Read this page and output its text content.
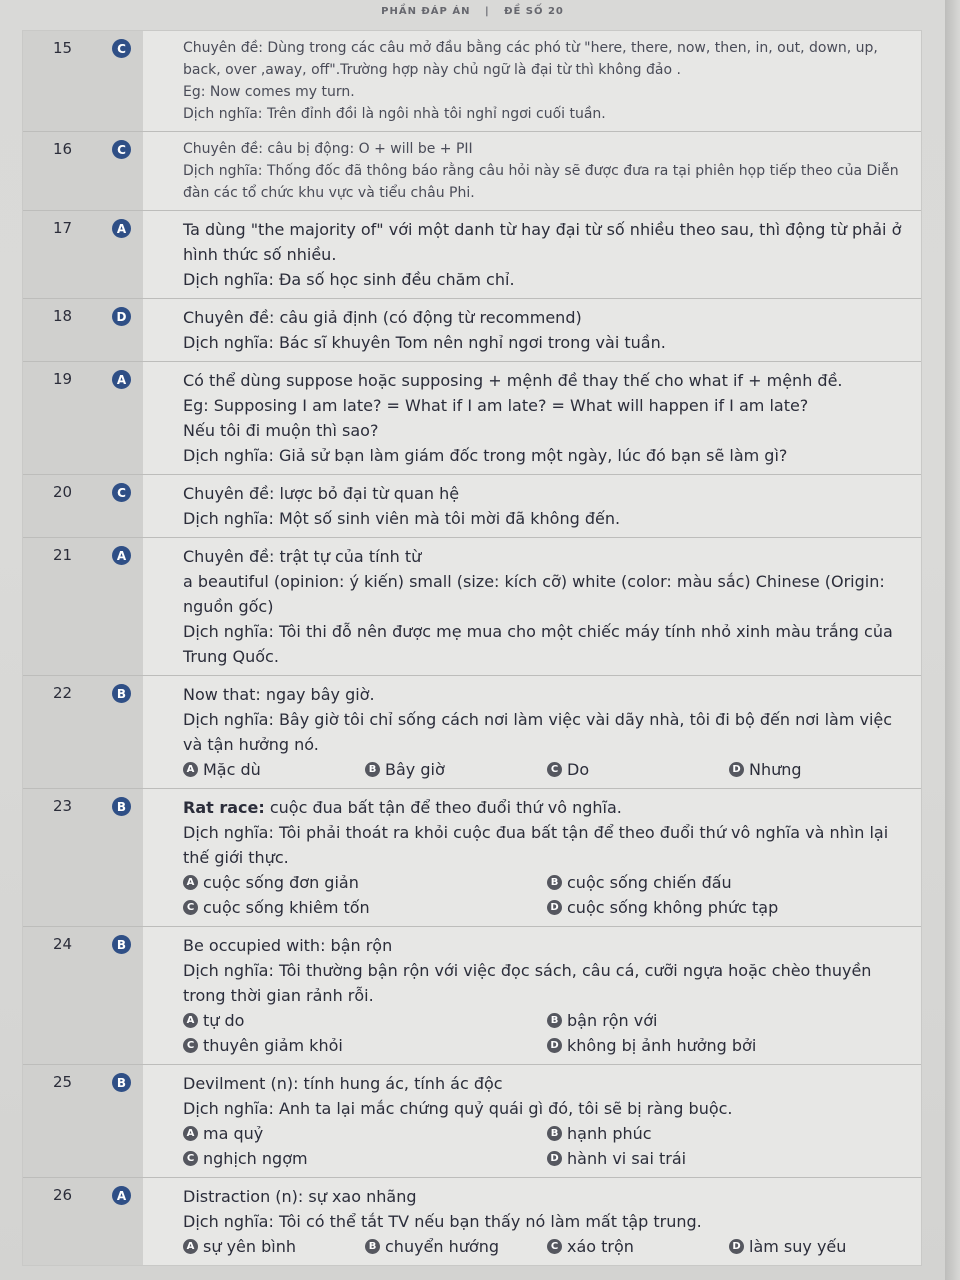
PHẦN ĐÁP ÁN | ĐỀ SỐ 20
15	C	Chuyên đề: Dùng trong các câu mở đầu bằng các phó từ "here, there, now, then, in, out, down, up, back, over ,away, off".Trường hợp này chủ ngữ là đại từ thì không đảo .
Eg: Now comes my turn.
Dịch nghĩa: Trên đỉnh đồi là ngôi nhà tôi nghỉ ngơi cuối tuần.
16	C	Chuyên đề: câu bị động: O + will be + PII
Dịch nghĩa: Thống đốc đã thông báo rằng câu hỏi này sẽ được đưa ra tại phiên họp tiếp theo của Diễn đàn các tổ chức khu vực và tiểu châu Phi.
17	A	Ta dùng "the majority of" với một danh từ hay đại từ số nhiều theo sau, thì động từ phải ở hình thức số nhiều.
Dịch nghĩa: Đa số học sinh đều chăm chỉ.
18	D	Chuyên đề: câu giả định (có động từ recommend)
Dịch nghĩa: Bác sĩ khuyên Tom nên nghỉ ngơi trong vài tuần.
19	A	Có thể dùng suppose hoặc supposing + mệnh đề thay thế cho what if + mệnh đề.
Eg: Supposing I am late? = What if I am late? = What will happen if I am late?
Nếu tôi đi muộn thì sao?
Dịch nghĩa: Giả sử bạn làm giám đốc trong một ngày, lúc đó bạn sẽ làm gì?
20	C	Chuyên đề: lược bỏ đại từ quan hệ
Dịch nghĩa: Một số sinh viên mà tôi mời đã không đến.
21	A	Chuyên đề: trật tự của tính từ
a beautiful (opinion: ý kiến) small (size: kích cỡ) white (color: màu sắc) Chinese (Origin: nguồn gốc)
Dịch nghĩa: Tôi thi đỗ nên được mẹ mua cho một chiếc máy tính nhỏ xinh màu trắng của Trung Quốc.
22	B	Now that: ngay bây giờ.
Dịch nghĩa: Bây giờ tôi chỉ sống cách nơi làm việc vài dãy nhà, tôi đi bộ đến nơi làm việc và tận hưởng nó.
A Mặc dù	B Bây giờ	C Do	D Nhưng
23	B	Rat race: cuộc đua bất tận để theo đuổi thứ vô nghĩa.
Dịch nghĩa: Tôi phải thoát ra khỏi cuộc đua bất tận để theo đuổi thứ vô nghĩa và nhìn lại thế giới thực.
A cuộc sống đơn giản	B cuộc sống chiến đấu
C cuộc sống khiêm tốn	D cuộc sống không phức tạp
24	B	Be occupied with: bận rộn
Dịch nghĩa: Tôi thường bận rộn với việc đọc sách, câu cá, cưỡi ngựa hoặc chèo thuyền trong thời gian rảnh rỗi.
A tự do	B bận rộn với
C thuyên giảm khỏi	D không bị ảnh hưởng bởi
25	B	Devilment (n): tính hung ác, tính ác độc
Dịch nghĩa: Anh ta lại mắc chứng quỷ quái gì đó, tôi sẽ bị ràng buộc.
A ma quỷ	B hạnh phúc
C nghịch ngợm	D hành vi sai trái
26	A	Distraction (n): sự xao nhãng
Dịch nghĩa: Tôi có thể tắt TV nếu bạn thấy nó làm mất tập trung.
A sự yên bình	B chuyển hướng	C xáo trộn	D làm suy yếu
